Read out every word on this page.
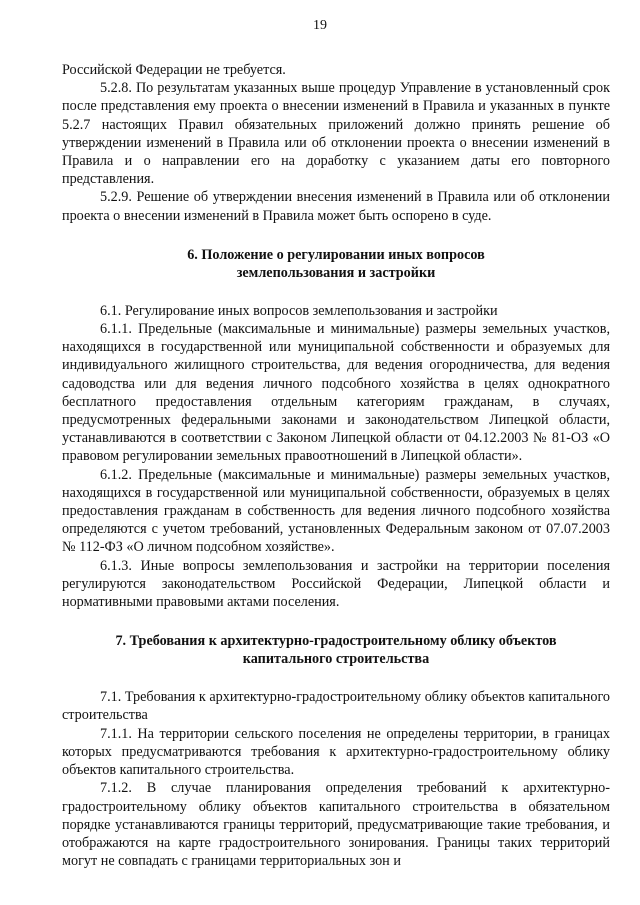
19

Российской Федерации не требуется.

5.2.8. По результатам указанных выше процедур Управление в установленный срок после представления ему проекта о внесении изменений в Правила и указанных в пункте 5.2.7 настоящих Правил обязательных приложений должно принять решение об утверждении изменений в Правила или об отклонении проекта о внесении изменений в Правила и о направлении его на доработку с указанием даты его повторного представления.

5.2.9. Решение об утверждении внесения изменений в Правила или об отклонении проекта о внесении изменений в Правила может быть оспорено в суде.

6. Положение о регулировании иных вопросов
землепользования и застройки

6.1. Регулирование иных вопросов землепользования и застройки

6.1.1. Предельные (максимальные и минимальные) размеры земельных участков, находящихся в государственной или муниципальной собственности и образуемых для индивидуального жилищного строительства, для ведения огородничества, для ведения садоводства или для ведения личного подсобного хозяйства в целях однократного бесплатного предоставления отдельным категориям гражданам, в случаях, предусмотренных федеральными законами и законодательством Липецкой области, устанавливаются в соответствии с Законом Липецкой области от 04.12.2003 № 81-ОЗ «О правовом регулировании земельных правоотношений в Липецкой области».

6.1.2. Предельные (максимальные и минимальные) размеры земельных участков, находящихся в государственной или муниципальной собственности, образуемых в целях предоставления гражданам в собственность для ведения личного подсобного хозяйства определяются с учетом требований, установленных Федеральным законом от 07.07.2003 № 112-ФЗ «О личном подсобном хозяйстве».

6.1.3. Иные вопросы землепользования и застройки на территории поселения регулируются законодательством Российской Федерации, Липецкой области и нормативными правовыми актами поселения.

7. Требования к архитектурно-градостроительному облику объектов
капитального строительства

7.1. Требования к архитектурно-градостроительному облику объектов капитального строительства

7.1.1. На территории сельского поселения не определены территории, в границах которых предусматриваются требования к архитектурно-градостроительному облику объектов капитального строительства.

7.1.2. В случае планирования определения требований к архитектурно-градостроительному облику объектов капитального строительства в обязательном порядке устанавливаются границы территорий, предусматривающие такие требования, и отображаются на карте градостроительного зонирования. Границы таких территорий могут не совпадать с границами территориальных зон и
